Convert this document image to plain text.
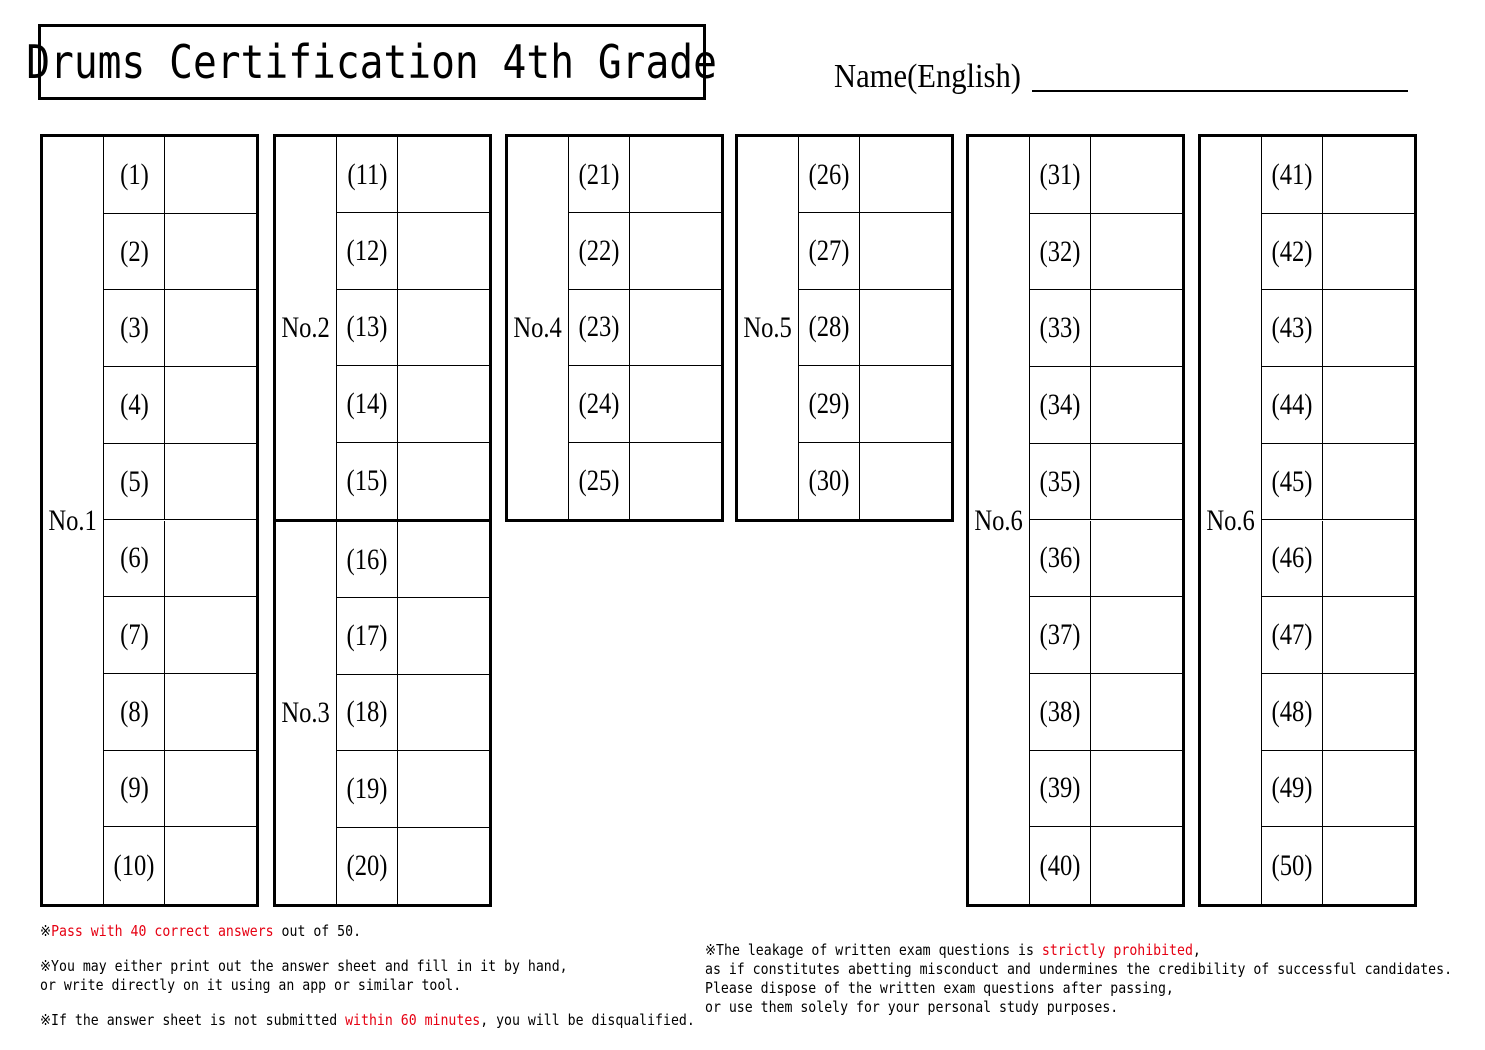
Drums Certification 4th Grade	Name(English)
No.1
(1)
(2)
(3)
(4)
(5)
(6)
(7)
(8)
(9)
(10)
No.2
(11)
(12)
(13)
(14)
(15)
No.3
(16)
(17)
(18)
(19)
(20)
No.4
(21)
(22)
(23)
(24)
(25)
No.5
(26)
(27)
(28)
(29)
(30)
No.6
(31)
(32)
(33)
(34)
(35)
(36)
(37)
(38)
(39)
(40)
No.6
(41)
(42)
(43)
(44)
(45)
(46)
(47)
(48)
(49)
(50)
※Pass with 40 correct answers out of 50.
※You may either print out the answer sheet and fill in it by hand,
or write directly on it using an app or similar tool.
※If the answer sheet is not submitted within 60 minutes, you will be disqualified.
※The leakage of written exam questions is strictly prohibited,
as if constitutes abetting misconduct and undermines the credibility of successful candidates.
Please dispose of the written exam questions after passing,
or use them solely for your personal study purposes.
